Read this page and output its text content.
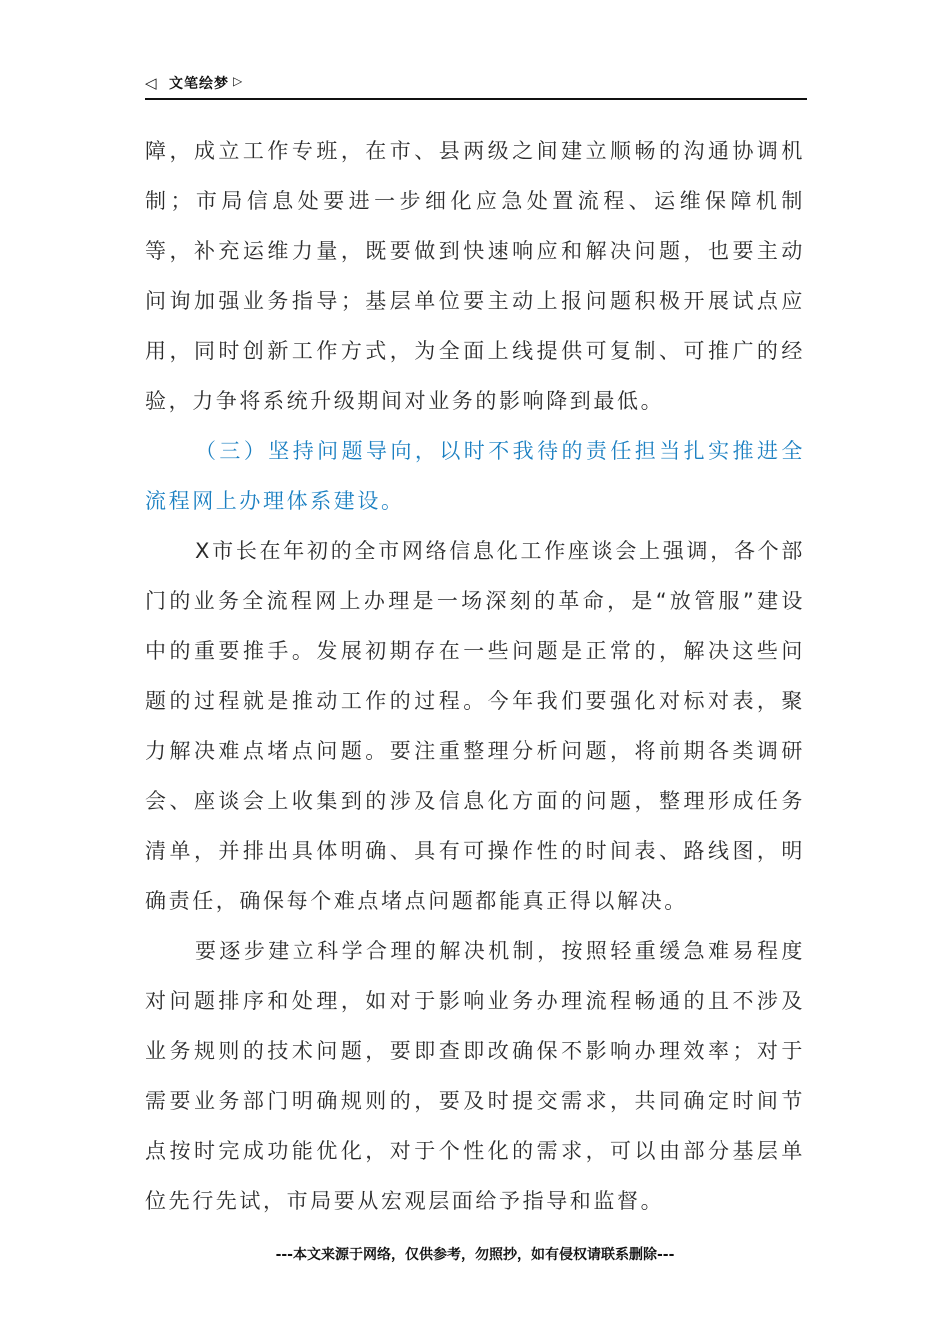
◁ 文笔绘梦 ▷

障，成立工作专班，在市、县两级之间建立顺畅的沟通协调机制；市局信息处要进一步细化应急处置流程、运维保障机制等，补充运维力量，既要做到快速响应和解决问题，也要主动问询加强业务指导；基层单位要主动上报问题积极开展试点应用，同时创新工作方式，为全面上线提供可复制、可推广的经验，力争将系统升级期间对业务的影响降到最低。

（三）坚持问题导向，以时不我待的责任担当扎实推进全流程网上办理体系建设。

X市长在年初的全市网络信息化工作座谈会上强调，各个部门的业务全流程网上办理是一场深刻的革命，是“放管服”建设中的重要推手。发展初期存在一些问题是正常的，解决这些问题的过程就是推动工作的过程。今年我们要强化对标对表，聚力解决难点堵点问题。要注重整理分析问题，将前期各类调研会、座谈会上收集到的涉及信息化方面的问题，整理形成任务清单，并排出具体明确、具有可操作性的时间表、路线图，明确责任，确保每个难点堵点问题都能真正得以解决。

要逐步建立科学合理的解决机制，按照轻重缓急难易程度对问题排序和处理，如对于影响业务办理流程畅通的且不涉及业务规则的技术问题，要即查即改确保不影响办理效率；对于需要业务部门明确规则的，要及时提交需求，共同确定时间节点按时完成功能优化，对于个性化的需求，可以由部分基层单位先行先试，市局要从宏观层面给予指导和监督。

---本文来源于网络，仅供参考，勿照抄，如有侵权请联系删除---
